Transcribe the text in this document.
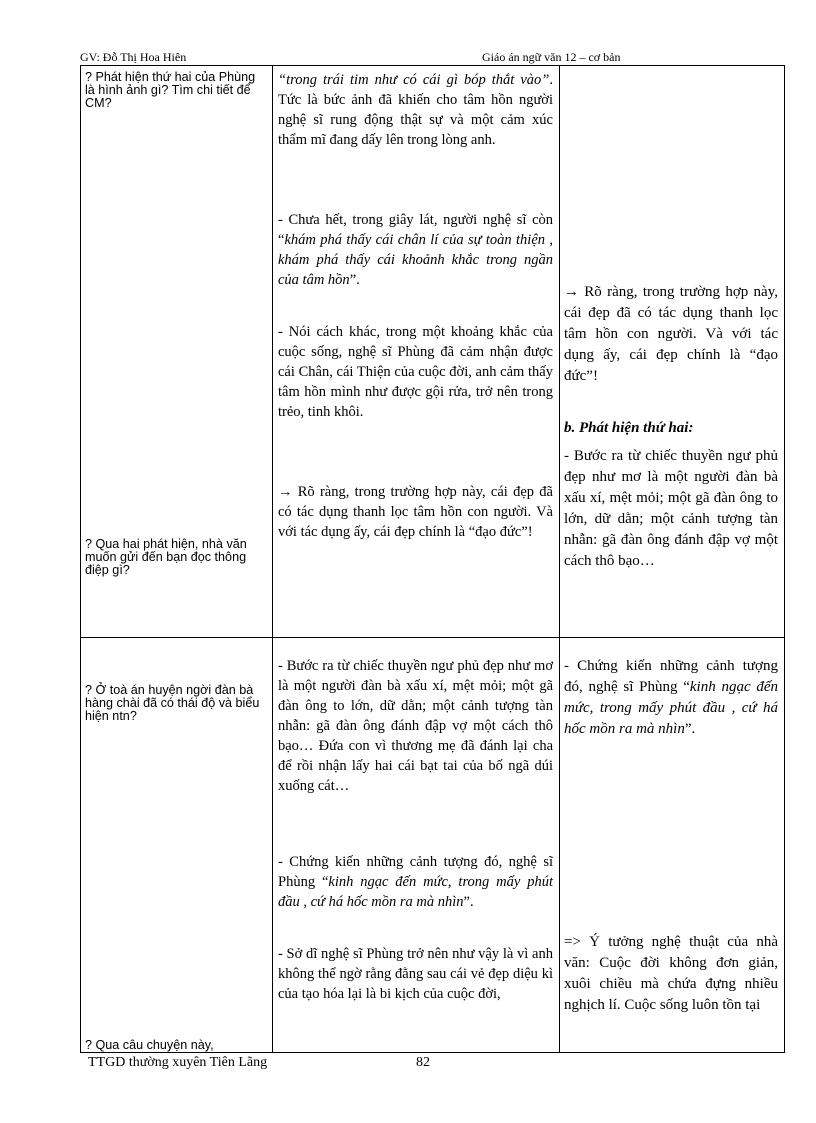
GV: Đỗ Thị Hoa Hiên	Giáo án ngữ văn 12 – cơ bản
? Phát hiện thứ hai của Phùng là hình ảnh gì? Tìm chi tiết để CM?
? Qua hai phát hiện, nhà văn muốn gửi đến bạn đọc thông điệp gì?
? Ở toà án huyện ngời đàn bà hàng chài đã có thái độ và biểu hiện ntn?
? Qua câu chuyện này,
“trong trái tim như có cái gì bóp thắt vào”. Tức là bức ảnh đã khiến cho tâm hồn người nghệ sĩ rung động thật sự và một cảm xúc thẩm mĩ đang dấy lên trong lòng anh.
- Chưa hết, trong giây lát, người nghệ sĩ còn “khám phá thấy cái chân lí của sự toàn thiện , khám phá thấy cái khoảnh khắc trong ngần của tâm hồn”.
- Nói cách khác, trong một khoảng khắc của cuộc sống, nghệ sĩ Phùng đã cảm nhận được cái Chân, cái Thiện của cuộc đời, anh cảm thấy tâm hồn mình như được gội rửa, trở nên trong trẻo, tinh khôi.
→ Rõ ràng, trong trường hợp này, cái đẹp đã có tác dụng thanh lọc tâm hồn con người. Và với tác dụng ấy, cái đẹp chính là “đạo đức”!
- Bước ra từ chiếc thuyền ngư phủ đẹp như mơ là một người đàn bà xấu xí, mệt mỏi; một gã đàn ông to lớn, dữ dằn; một cảnh tượng tàn nhẫn: gã đàn ông đánh đập vợ một cách thô bạo… Đứa con vì thương mẹ đã đánh lại cha để rồi nhận lấy hai cái bạt tai của bố ngã dúi xuống cát…
- Chứng kiến những cảnh tượng đó, nghệ sĩ Phùng “kinh ngạc đến mức, trong mấy phút đầu , cứ há hốc mồn ra mà nhìn”.
- Sở dĩ nghệ sĩ Phùng trở nên như vậy là vì anh không thể ngờ rằng đằng sau cái vẻ đẹp diệu kì của tạo hóa lại là bi kịch của cuộc đời,
→ Rõ ràng, trong trường hợp này, cái đẹp đã có tác dụng thanh lọc tâm hồn con người. Và với tác dụng ấy, cái đẹp chính là “đạo đức”!
b. Phát hiện thứ hai:
- Bước ra từ chiếc thuyền ngư phủ đẹp như mơ là một người đàn bà xấu xí, mệt mỏi; một gã đàn ông to lớn, dữ dằn; một cảnh tượng tàn nhẫn: gã đàn ông đánh đập vợ một cách thô bạo…
- Chứng kiến những cảnh tượng đó, nghệ sĩ Phùng “kinh ngạc đến mức, trong mấy phút đầu , cứ há hốc mồn ra mà nhìn”.
=> Ý tưởng nghệ thuật của nhà văn: Cuộc đời không đơn giản, xuôi chiều mà chứa đựng nhiều nghịch lí. Cuộc sống luôn tồn tại
TTGD thường xuyên Tiên Lãng	82
